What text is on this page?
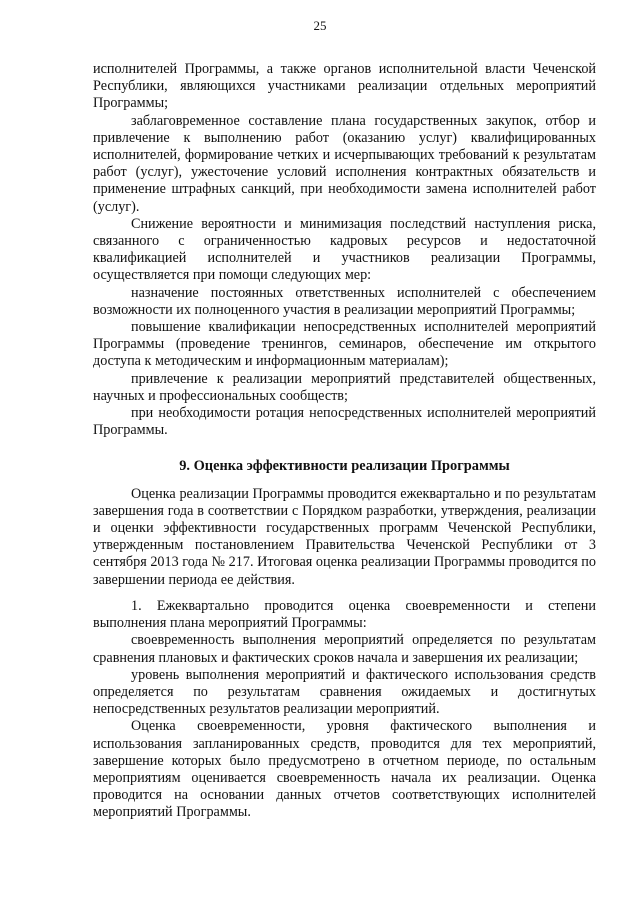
25

исполнителей Программы, а также органов исполнительной власти Чеченской Республики, являющихся участниками реализации отдельных мероприятий Программы;

заблаговременное составление плана государственных закупок, отбор и привлечение к выполнению работ (оказанию услуг) квалифицированных исполнителей, формирование четких и исчерпывающих требований к результатам работ (услуг), ужесточение условий исполнения контрактных обязательств и применение штрафных санкций, при необходимости замена исполнителей работ (услуг).

Снижение вероятности и минимизация последствий наступления риска, связанного с ограниченностью кадровых ресурсов и недостаточной квалификацией исполнителей и участников реализации Программы, осуществляется при помощи следующих мер:

назначение постоянных ответственных исполнителей с обеспечением возможности их полноценного участия в реализации мероприятий Программы;

повышение квалификации непосредственных исполнителей мероприятий Программы (проведение тренингов, семинаров, обеспечение им открытого доступа к методическим и информационным материалам);

привлечение к реализации мероприятий представителей общественных, научных и профессиональных сообществ;

при необходимости ротация непосредственных исполнителей мероприятий Программы.

9. Оценка эффективности реализации Программы

Оценка реализации Программы проводится ежеквартально и по результатам завершения года в соответствии с Порядком разработки, утверждения, реализации и оценки эффективности государственных программ Чеченской Республики, утвержденным постановлением Правительства Чеченской Республики от 3 сентября 2013 года № 217. Итоговая оценка реализации Программы проводится по завершении периода ее действия.

1. Ежеквартально проводится оценка своевременности и степени выполнения плана мероприятий Программы:

своевременность выполнения мероприятий определяется по результатам сравнения плановых и фактических сроков начала и завершения их реализации;

уровень выполнения мероприятий и фактического использования средств определяется по результатам сравнения ожидаемых и достигнутых непосредственных результатов реализации мероприятий.

Оценка своевременности, уровня фактического выполнения и использования запланированных средств, проводится для тех мероприятий, завершение которых было предусмотрено в отчетном периоде, по остальным мероприятиям оценивается своевременность начала их реализации. Оценка проводится на основании данных отчетов соответствующих исполнителей мероприятий Программы.
